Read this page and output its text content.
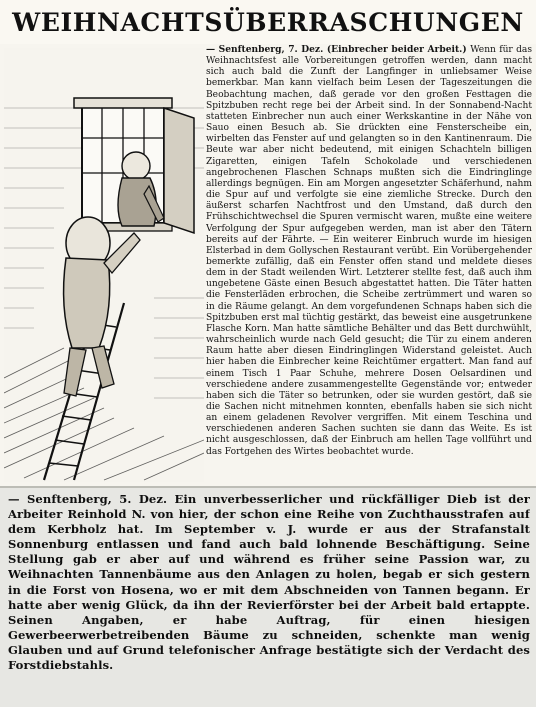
WEIHNACHTSÜBERRASCHUNGEN
— Senftenberg, 7. Dez. (Einbrecher beider Arbeit.) Wenn für das Weihnachtsfest alle Vorbereitungen getroffen werden, dann macht sich auch bald die Zunft der Langfinger in unliebsamer Weise bemerkbar. Man kann vielfach beim Lesen der Tageszeitungen die Beobachtung machen, daß gerade vor den großen Festtagen die Spitzbuben recht rege bei der Arbeit sind. In der Sonnabend-Nacht statteten Einbrecher nun auch einer Werkskantine in der Nähe von Sauo einen Besuch ab. Sie drückten eine Fensterscheibe ein, wirbelten das Fenster auf und gelangten so in den Kantinenraum. Die Beute war aber nicht bedeutend, mit einigen Schachteln billigen Zigaretten, einigen Tafeln Schokolade und verschiedenen angebrochenen Flaschen Schnaps mußten sich die Eindringlinge allerdings begnügen. Ein am Morgen angesetzter Schäferhund, nahm die Spur auf und verfolgte sie eine ziemliche Strecke. Durch den äußerst scharfen Nachtfrost und den Umstand, daß durch den Frühschichtwechsel die Spuren vermischt waren, mußte eine weitere Verfolgung der Spur aufgegeben werden, man ist aber den Tätern bereits auf der Fährte. — Ein weiterer Einbruch wurde im hiesigen Elsterbad in dem Gollyschen Restaurant verübt. Ein Vorübergehender bemerkte zufällig, daß ein Fenster offen stand und meldete dieses dem in der Stadt weilenden Wirt. Letzterer stellte fest, daß auch ihm ungebetene Gäste einen Besuch abgestattet hatten. Die Täter hatten die Fensterläden erbrochen, die Scheibe zertrümmert und waren so in die Räume gelangt. An dem vorgefundenen Schnaps haben sich die Spitzbuben erst mal tüchtig gestärkt, das beweist eine ausgetrunkene Flasche Korn. Man hatte sämtliche Behälter und das Bett durchwühlt, wahrscheinlich wurde nach Geld gesucht; die Tür zu einem anderen Raum hatte aber diesen Eindringlingen Widerstand geleistet. Auch hier haben die Einbrecher keine Reichtümer ergattert. Man fand auf einem Tisch 1 Paar Schuhe, mehrere Dosen Oelsardinen und verschiedene andere zusammengestellte Gegenstände vor; entweder haben sich die Täter so betrunken, oder sie wurden gestört, daß sie die Sachen nicht mitnehmen konnten, ebenfalls haben sie sich nicht an einem geladenen Revolver vergriffen. Mit einem Teschina und verschiedenen anderen Sachen suchten sie dann das Weite. Es ist nicht ausgeschlossen, daß der Einbruch am hellen Tage vollführt und das Fortgehen des Wirtes beobachtet wurde.
— Senftenberg, 5. Dez. Ein unverbesserlicher und rückfälliger Dieb ist der Arbeiter Reinhold N. von hier, der schon eine Reihe von Zuchthausstrafen auf dem Kerbholz hat. Im September v. J. wurde er aus der Strafanstalt Sonnenburg entlassen und fand auch bald lohnende Beschäftigung. Seine Stellung gab er aber auf und während es früher seine Passion war, zu Weihnachten Tannenbäume aus den Anlagen zu holen, begab er sich gestern in die Forst von Hosena, wo er mit dem Abschneiden von Tannen begann. Er hatte aber wenig Glück, da ihn der Revierförster bei der Arbeit bald ertappte. Seinen Angaben, er habe Auftrag, für einen hiesigen Gewerbeerwerbetreibenden Bäume zu schneiden, schenkte man wenig Glauben und auf Grund telefonischer Anfrage bestätigte sich der Verdacht des Forstdiebstahls.
